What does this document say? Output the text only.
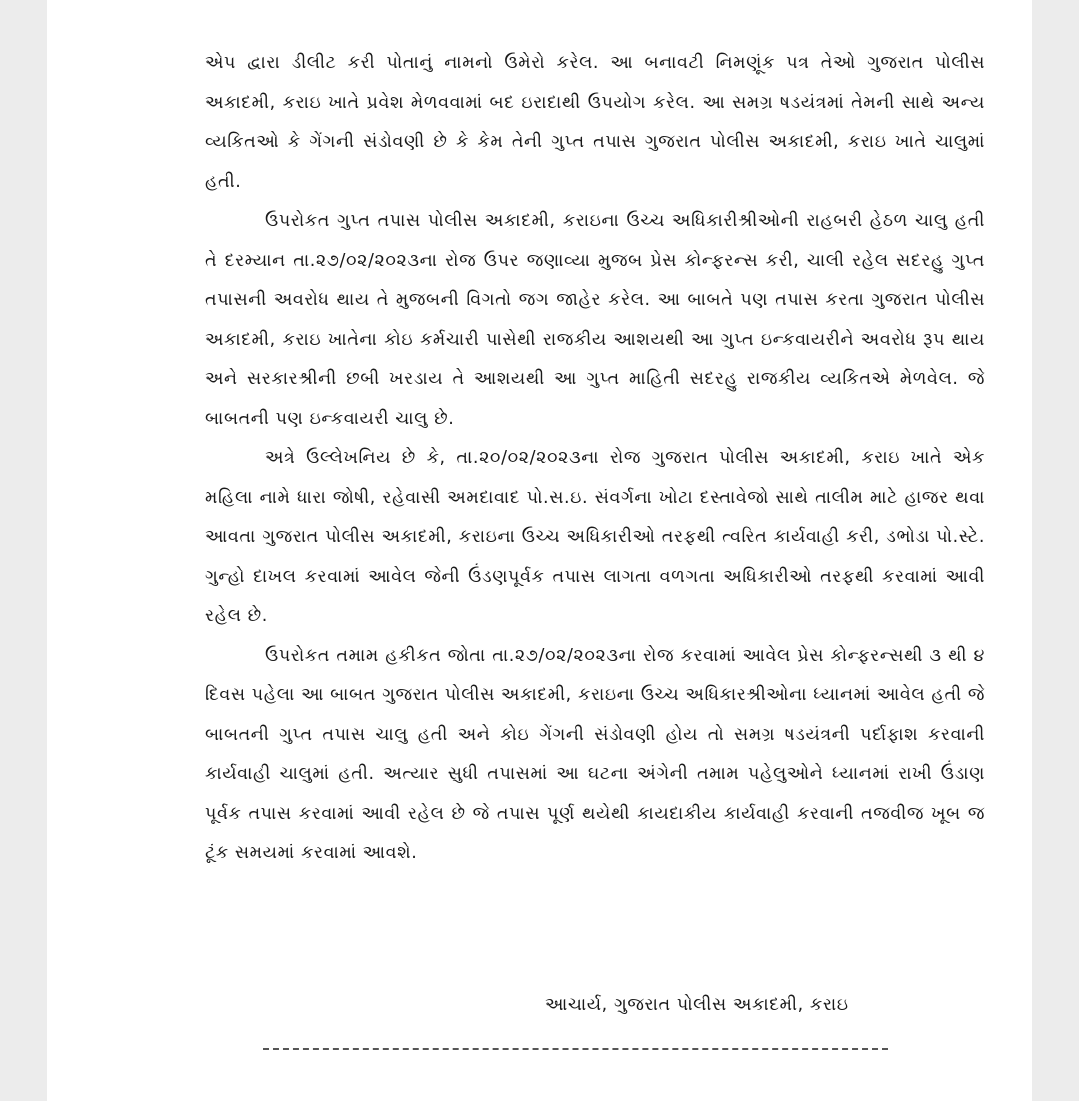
એપ દ્વારા ડીલીટ કરી પોતાનું નામનો ઉમેરો કરેલ. આ બનાવટી નિમણૂંક પત્ર તેઓ ગુજરાત પોલીસ અકાદમી, કરાઇ ખાતે પ્રવેશ મેળવવામાં બદ ઇરાદાથી ઉપયોગ કરેલ. આ સમગ્ર ષડયંત્રમાં તેમની સાથે અન્ય વ્યકિતઓ કે ગેંગની સંડોવણી છે કે કેમ તેની ગુપ્ત તપાસ ગુજરાત પોલીસ અકાદમી, કરાઇ ખાતે ચાલુમાં હતી.

ઉપરોકત ગુપ્ત તપાસ પોલીસ અકાદમી, કરાઇના ઉચ્ચ અધિકારીશ્રીઓની રાહબરી હેઠળ ચાલુ હતી તે દરમ્યાન તા.૨૭/૦૨/૨૦૨૩ના રોજ ઉપર જણાવ્યા મુજબ પ્રેસ કોન્ફરન્સ કરી, ચાલી રહેલ સદરહુ ગુપ્ત તપાસની અવરોધ થાય તે મુજબની વિગતો જગ જાહેર કરેલ. આ બાબતે પણ તપાસ કરતા ગુજરાત પોલીસ અકાદમી, કરાઇ ખાતેના કોઇ કર્મચારી પાસેથી રાજકીય આશયથી આ ગુપ્ત ઇન્કવાયરીને અવરોધ રૂપ થાય અને સરકારશ્રીની છબી ખરડાય તે આશયથી આ ગુપ્ત માહિતી સદરહુ રાજકીય વ્યકિતએ મેળવેલ. જે બાબતની પણ ઇન્કવાયરી ચાલુ છે.

અત્રે ઉલ્લેખનિય છે કે, તા.૨૦/૦૨/૨૦૨૩ના રોજ ગુજરાત પોલીસ અકાદમી, કરાઇ ખાતે એક મહિલા નામે ધારા જોષી, રહેવાસી અમદાવાદ પો.સ.ઇ. સંવર્ગના ખોટા દસ્તાવેજો સાથે તાલીમ માટે હાજર થવા આવતા ગુજરાત પોલીસ અકાદમી, કરાઇના ઉચ્ચ અધિકારીઓ તરફથી ત્વરિત કાર્યવાહી કરી, ડભોડા પો.સ્ટે. ગુન્હો દાખલ કરવામાં આવેલ જેની ઉંડણપૂર્વક તપાસ લાગતા વળગતા અધિકારીઓ તરફથી કરવામાં આવી રહેલ છે.

ઉપરોકત તમામ હકીકત જોતા તા.૨૭/૦૨/૨૦૨૩ના રોજ કરવામાં આવેલ પ્રેસ કોન્ફરન્સથી ૩ થી ૪ દિવસ પહેલા આ બાબત ગુજરાત પોલીસ અકાદમી, કરાઇના ઉચ્ચ અધિકારશ્રીઓના ધ્યાનમાં આવેલ હતી જે બાબતની ગુપ્ત તપાસ ચાલુ હતી અને કોઇ ગેંગની સંડોવણી હોય તો સમગ્ર ષડયંત્રની પર્દાફાશ કરવાની કાર્યવાહી ચાલુમાં હતી. અત્યાર સુધી તપાસમાં આ ઘટના અંગેની તમામ પહેલુઓને ધ્યાનમાં રાખી ઉંડાણ પૂર્વક તપાસ કરવામાં આવી રહેલ છે જે તપાસ પૂર્ણ થયેથી કાયદાકીય કાર્યવાહી કરવાની તજવીજ ખૂબ જ ટૂંક સમયમાં કરવામાં આવશે.

આચાર્ય, ગુજરાત પોલીસ અકાદમી, કરાઇ
